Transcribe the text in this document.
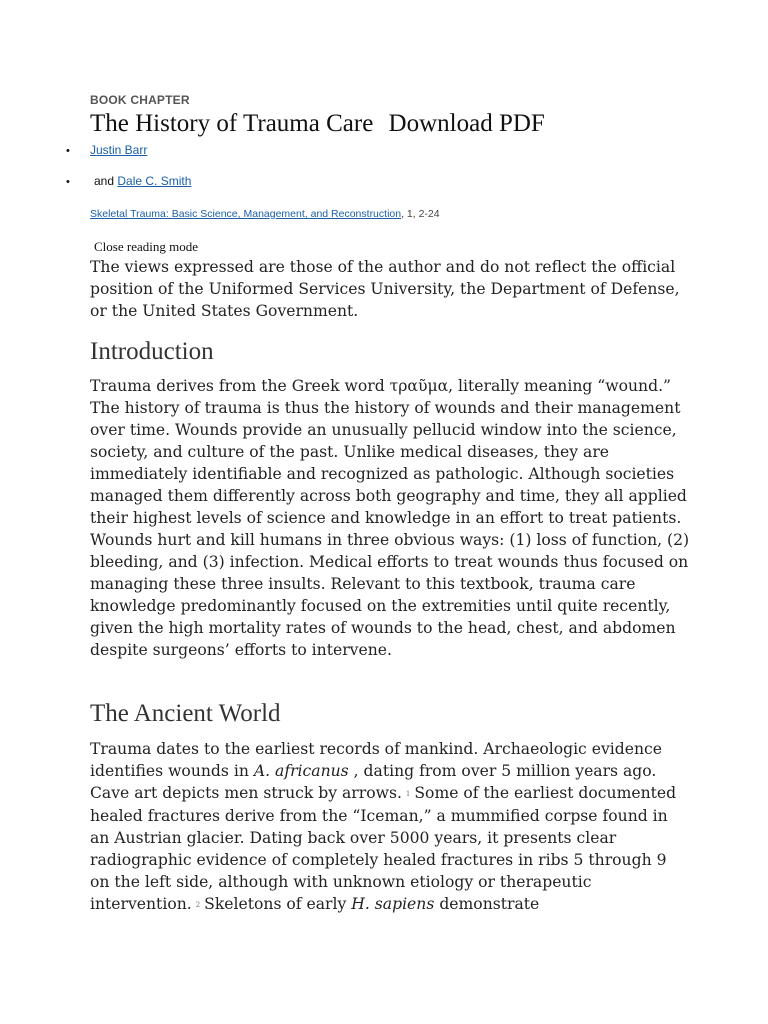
BOOK CHAPTER
The History of Trauma Care Download PDF
• Justin Barr
• and Dale C. Smith
Skeletal Trauma: Basic Science, Management, and Reconstruction, 1, 2-24
Close reading mode

The views expressed are those of the author and do not reflect the official position of the Uniformed Services University, the Department of Defense, or the United States Government.

Introduction

Trauma derives from the Greek word τραῦμα, literally meaning “wound.” The history of trauma is thus the history of wounds and their management over time. Wounds provide an unusually pellucid window into the science, society, and culture of the past. Unlike medical diseases, they are immediately identifiable and recognized as pathologic. Although societies managed them differently across both geography and time, they all applied their highest levels of science and knowledge in an effort to treat patients. Wounds hurt and kill humans in three obvious ways: (1) loss of function, (2) bleeding, and (3) infection. Medical efforts to treat wounds thus focused on managing these three insults. Relevant to this textbook, trauma care knowledge predominantly focused on the extremities until quite recently, given the high mortality rates of wounds to the head, chest, and abdomen despite surgeons’ efforts to intervene.

The Ancient World

Trauma dates to the earliest records of mankind. Archaeologic evidence identifies wounds in A. africanus , dating from over 5 million years ago. Cave art depicts men struck by arrows. $^1$ Some of the earliest documented healed fractures derive from the “Iceman,” a mummified corpse found in an Austrian glacier. Dating back over 5000 years, it presents clear radiographic evidence of completely healed fractures in ribs 5 through 9 on the left side, although with unknown etiology or therapeutic intervention. $^2$ Skeletons of early H. sapiens demonstrate
